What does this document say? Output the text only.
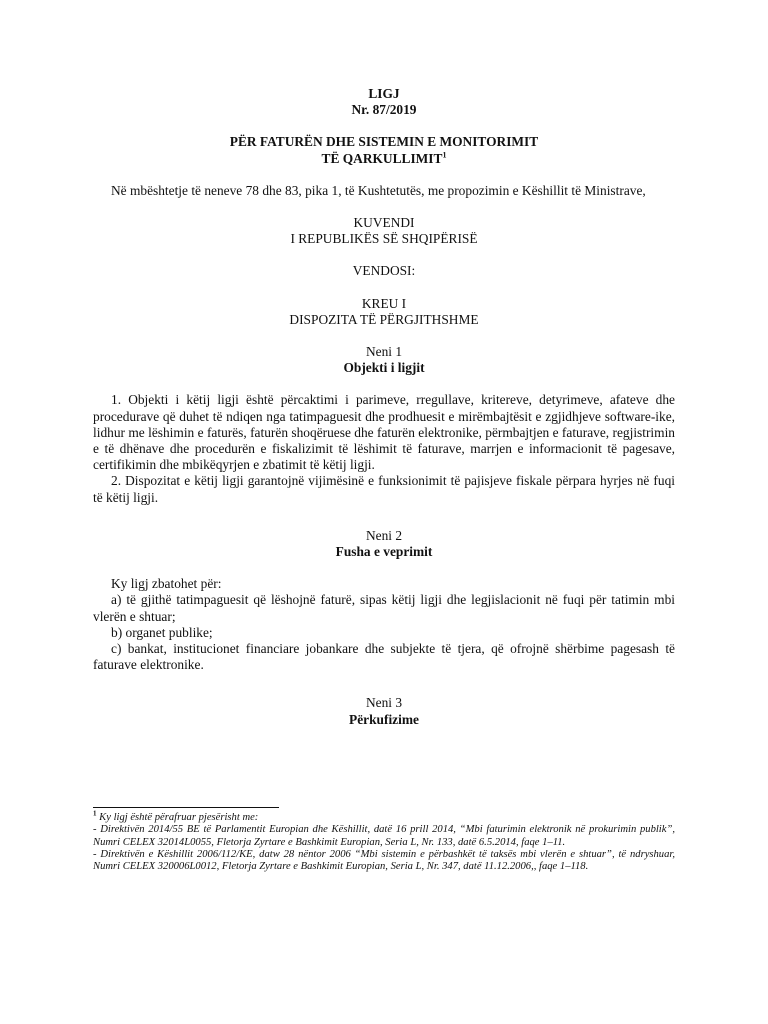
LIGJ

Nr. 87/2019

PËR FATURËN DHE SISTEMIN E MONITORIMIT

TË QARKULLIMIT$^1$

Në mbështetje të neneve 78 dhe 83, pika 1, të Kushtetutës, me propozimin e Këshillit të Ministrave,

KUVENDI

I REPUBLIKËS SË SHQIPËRISË

VENDOSI:

KREU I

DISPOZITA TË PËRGJITHSHME

Neni 1

Objekti i ligjit

1. Objekti i këtij ligji është përcaktimi i parimeve, rregullave, kritereve, detyrimeve, afateve dhe procedurave që duhet të ndiqen nga tatimpaguesit dhe prodhuesit e mirëmbajtësit e zgjidhjeve software-ike, lidhur me lëshimin e faturës, faturën shoqëruese dhe faturën elektronike, përmbajtjen e faturave, regjistrimin e të dhënave dhe procedurën e fiskalizimit të lëshimit të faturave, marrjen e informacionit të pagesave, certifikimin dhe mbikëqyrjen e zbatimit të këtij ligji.

2. Dispozitat e këtij ligji garantojnë vijimësinë e funksionimit të pajisjeve fiskale përpara hyrjes në fuqi të këtij ligji.

Neni 2

Fusha e veprimit

Ky ligj zbatohet për:

a) të gjithë tatimpaguesit që lëshojnë faturë, sipas këtij ligji dhe legjislacionit në fuqi për tatimin mbi vlerën e shtuar;

b) organet publike;

c) bankat, institucionet financiare jobankare dhe subjekte të tjera, që ofrojnë shërbime pagesash të faturave elektronike.

Neni 3

Përkufizime

$^1$ Ky ligj është përafruar pjesërisht me:

- Direktivën 2014/55 BE të Parlamentit Europian dhe Këshillit, datë 16 prill 2014, “Mbi faturimin elektronik në prokurimin publik”, Numri CELEX 32014L0055, Fletorja Zyrtare e Bashkimit Europian, Seria L, Nr. 133, datë 6.5.2014, faqe 1–11.

- Direktivën e Këshillit 2006/112/KE, datw 28 nëntor 2006 “Mbi sistemin e përbashkët të taksës mbi vlerën e shtuar”, të ndryshuar, Numri CELEX 320006L0012, Fletorja Zyrtare e Bashkimit Europian, Seria L, Nr. 347, datë 11.12.2006,, faqe 1–118.
